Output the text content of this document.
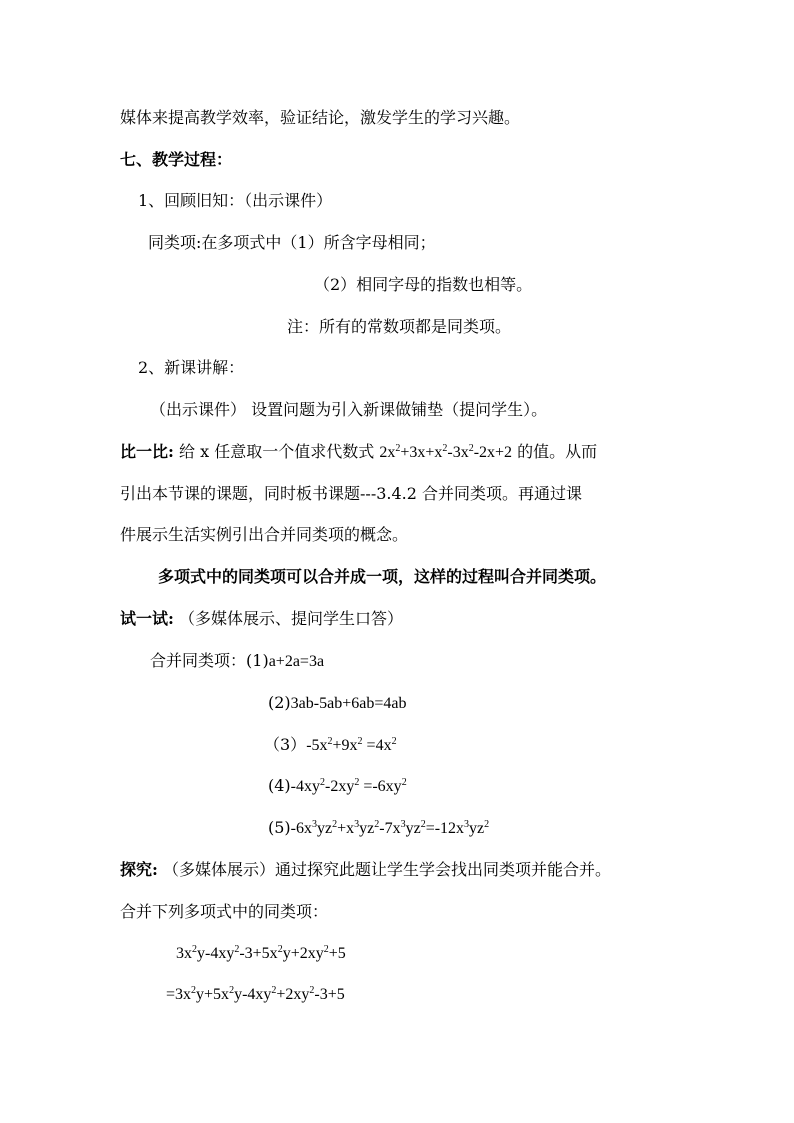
媒体来提高教学效率，验证结论，激发学生的学习兴趣。
七、教学过程：
1、回顾旧知：（出示课件）
同类项:在多项式中（1）所含字母相同；
（2）相同字母的指数也相等。
注：所有的常数项都是同类项。
2、新课讲解：
（出示课件） 设置问题为引入新课做铺垫（提问学生）。
比一比: 给 x 任意取一个值求代数式 $2x^2+3x+x^2-3x^2-2x+2$ 的值。从而
引出本节课的课题，同时板书课题---3.4.2 合并同类项。再通过课
件展示生活实例引出合并同类项的概念。
多项式中的同类项可以合并成一项，这样的过程叫合并同类项。
试一试: （多媒体展示、提问学生口答）
合并同类项：(1)a+2a=3a
(2)3ab-5ab+6ab=4ab
$(3)-5x^2+9x^2 =4x^2$
$(4)-4xy^2-2xy^2 =-6xy^2$
$(5)-6x^3yz^2+x^3yz^2-7x^3yz^2=-12x^3yz^2$
探究: （多媒体展示）通过探究此题让学生学会找出同类项并能合并。
合并下列多项式中的同类项：
$3x^2y-4xy^2-3+5x^2y+2xy^2+5$
$=3x^2y+5x^2y-4xy^2+2xy^2-3+5$
